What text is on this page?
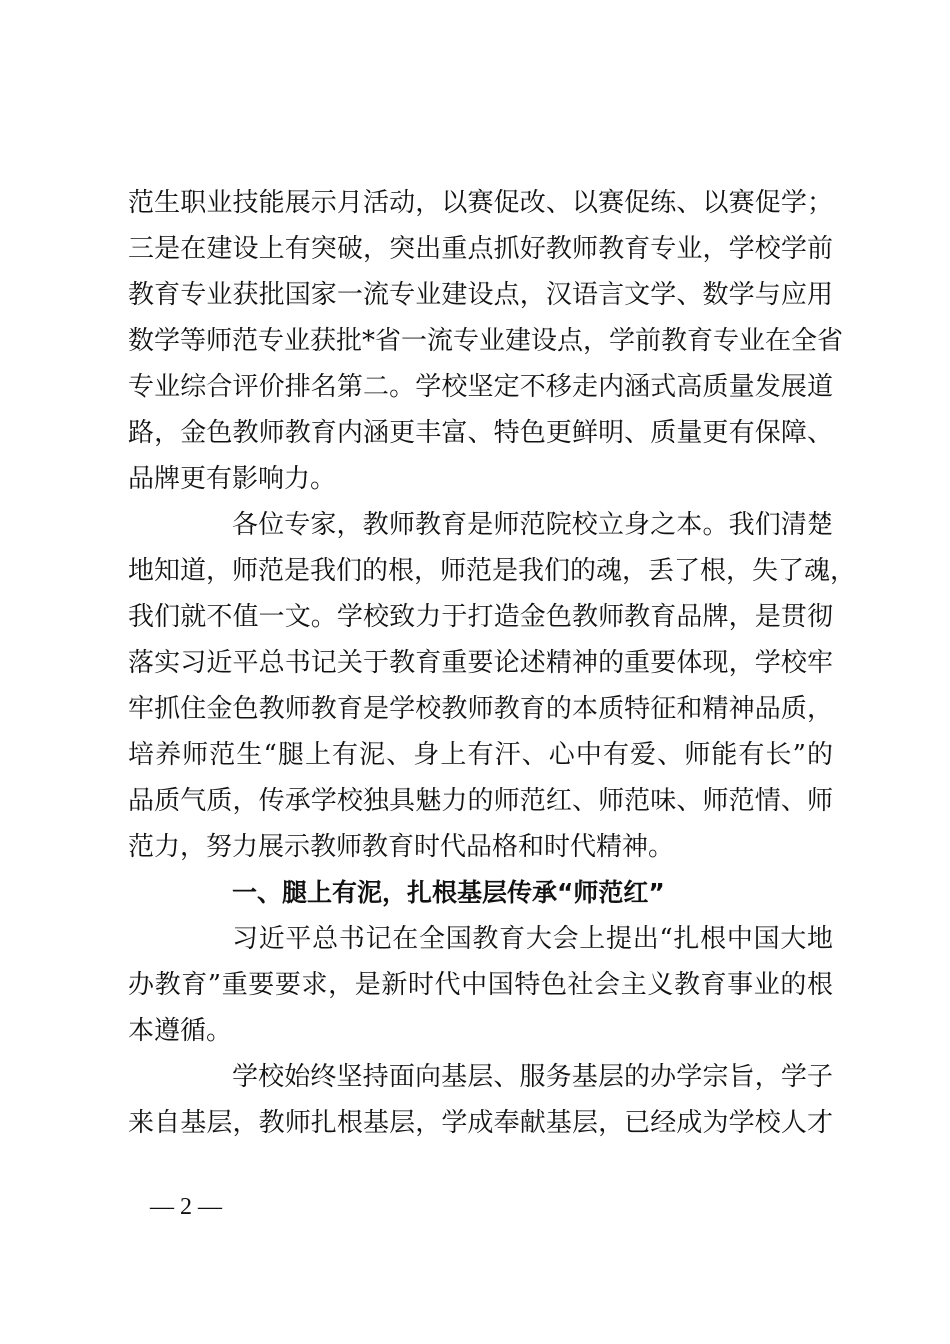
范生职业技能展示月活动，以赛促改、以赛促练、以赛促学；
三是在建设上有突破，突出重点抓好教师教育专业，学校学前
教育专业获批国家一流专业建设点，汉语言文学、数学与应用
数学等师范专业获批*省一流专业建设点，学前教育专业在全省
专业综合评价排名第二。学校坚定不移走内涵式高质量发展道
路，金色教师教育内涵更丰富、特色更鲜明、质量更有保障、
品牌更有影响力。
各位专家，教师教育是师范院校立身之本。我们清楚
地知道，师范是我们的根，师范是我们的魂，丢了根，失了魂，
我们就不值一文。学校致力于打造金色教师教育品牌，是贯彻
落实习近平总书记关于教育重要论述精神的重要体现，学校牢
牢抓住金色教师教育是学校教师教育的本质特征和精神品质，
培养师范生“腿上有泥、身上有汗、心中有爱、师能有长”的
品质气质，传承学校独具魅力的师范红、师范味、师范情、师
范力，努力展示教师教育时代品格和时代精神。
一、腿上有泥，扎根基层传承“师范红”
习近平总书记在全国教育大会上提出“扎根中国大地
办教育”重要要求，是新时代中国特色社会主义教育事业的根
本遵循。
学校始终坚持面向基层、服务基层的办学宗旨，学子
来自基层，教师扎根基层，学成奉献基层，已经成为学校人才
— 2 —
